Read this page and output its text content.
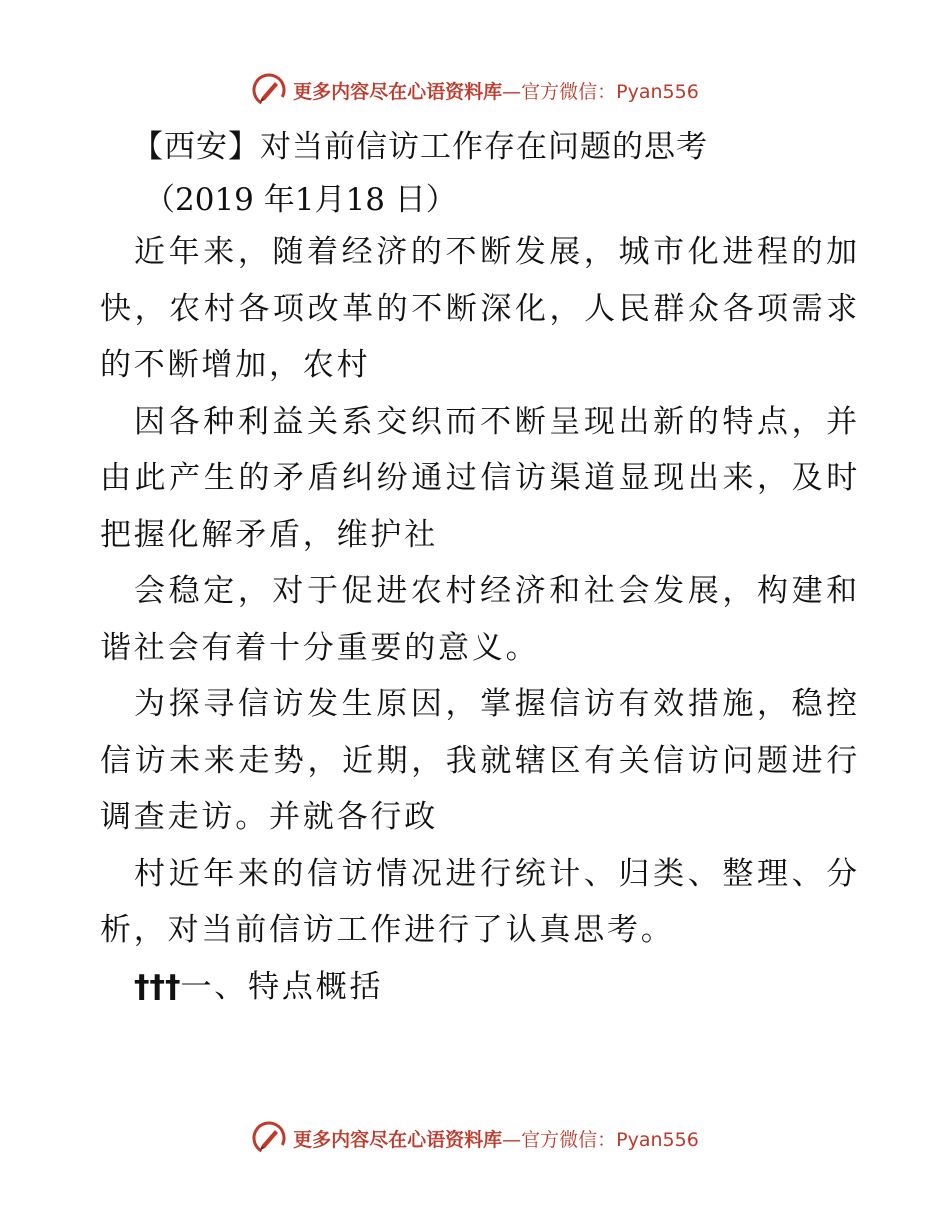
更多内容尽在心语资料库 —官方微信：Pyan556
【西安】对当前信访工作存在问题的思考
（2019 年1月18 日）

近年来，随着经济的不断发展，城市化进程的加快，农村各项改革的不断深化，人民群众各项需求的不断增加，农村

因各种利益关系交织而不断呈现出新的特点，并由此产生的矛盾纠纷通过信访渠道显现出来，及时把握化解矛盾，维护社

会稳定，对于促进农村经济和社会发展，构建和谐社会有着十分重要的意义。

为探寻信访发生原因，掌握信访有效措施，稳控信访未来走势，近期，我就辖区有关信访问题进行调查走访。并就各行政

村近年来的信访情况进行统计、归类、整理、分析，对当前信访工作进行了认真思考。

†††一、特点概括

更多内容尽在心语资料库 —官方微信：Pyan556
